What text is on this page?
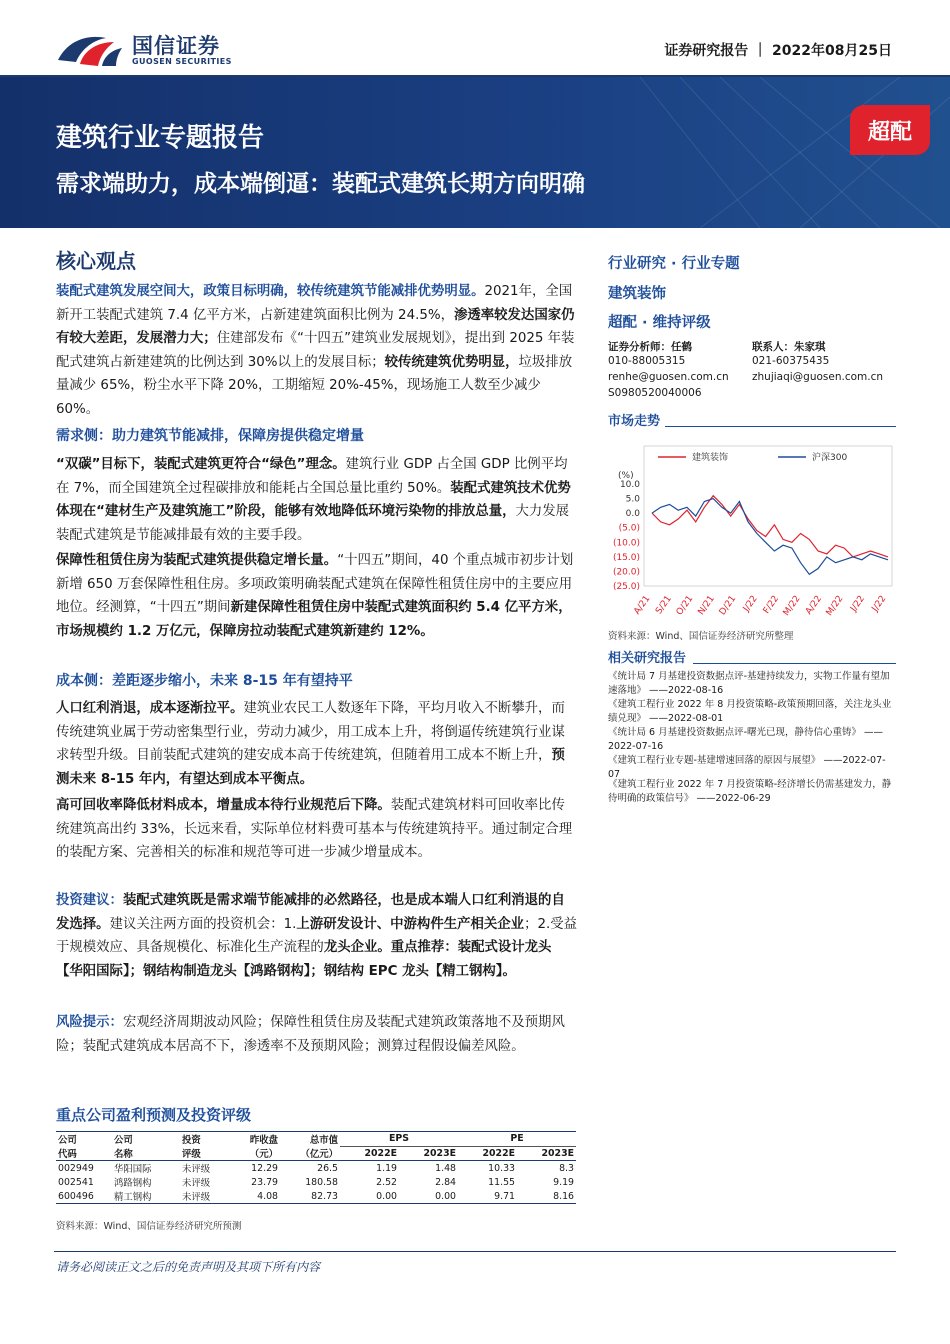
国信证券
GUOSEN SECURITIES
证券研究报告 ｜ 2022年08月25日
建筑行业专题报告
需求端助力，成本端倒逼：装配式建筑长期方向明确
超配
核心观点
装配式建筑发展空间大，政策目标明确，较传统建筑节能减排优势明显。2021年，全国新开工装配式建筑 7.4 亿平方米，占新建建筑面积比例为 24.5%，渗透率较发达国家仍有较大差距，发展潜力大；住建部发布《“十四五”建筑业发展规划》，提出到 2025 年装配式建筑占新建建筑的比例达到 30%以上的发展目标；较传统建筑优势明显，垃圾排放量减少 65%，粉尘水平下降 20%，工期缩短 20%-45%，现场施工人数至少减少 60%。
需求侧：助力建筑节能减排，保障房提供稳定增量
“双碳”目标下，装配式建筑更符合“绿色”理念。建筑行业 GDP 占全国 GDP 比例平均在 7%，而全国建筑全过程碳排放和能耗占全国总量比重约 50%。装配式建筑技术优势体现在“建材生产及建筑施工”阶段，能够有效地降低环境污染物的排放总量，大力发展装配式建筑是节能减排最有效的主要手段。
保障性租赁住房为装配式建筑提供稳定增长量。“十四五”期间，40 个重点城市初步计划新增 650 万套保障性租住房。多项政策明确装配式建筑在保障性租赁住房中的主要应用地位。经测算，“十四五”期间新建保障性租赁住房中装配式建筑面积约 5.4 亿平方米，市场规模约 1.2 万亿元，保障房拉动装配式建筑新建约 12%。
成本侧：差距逐步缩小，未来 8-15 年有望持平
人口红利消退，成本逐渐拉平。建筑业农民工人数逐年下降，平均月收入不断攀升，而传统建筑业属于劳动密集型行业，劳动力减少，用工成本上升，将倒逼传统建筑行业谋求转型升级。目前装配式建筑的建安成本高于传统建筑，但随着用工成本不断上升，预测未来 8-15 年内，有望达到成本平衡点。
高可回收率降低材料成本，增量成本待行业规范后下降。装配式建筑材料可回收率比传统建筑高出约 33%，长远来看，实际单位材料费可基本与传统建筑持平。通过制定合理的装配方案、完善相关的标准和规范等可进一步减少增量成本。
投资建议：装配式建筑既是需求端节能减排的必然路径，也是成本端人口红利消退的自发选择。建议关注两方面的投资机会：1.上游研发设计、中游构件生产相关企业；2.受益于规模效应、具备规模化、标准化生产流程的龙头企业。重点推荐：装配式设计龙头【华阳国际】；钢结构制造龙头【鸿路钢构】；钢结构 EPC 龙头【精工钢构】。
风险提示：宏观经济周期波动风险；保障性租赁住房及装配式建筑政策落地不及预期风险；装配式建筑成本居高不下，渗透率不及预期风险；测算过程假设偏差风险。
行业研究 · 行业专题
建筑装饰
超配 · 维持评级
证券分析师：任鹤
010-88005315
renhe@guosen.com.cn
S0980520040006
联系人：朱家琪
021-60375435
zhujiaqi@guosen.com.cn
市场走势
(%)
10.0
5.0
0.0
(5.0)
(10.0)
(15.0)
(20.0)
(25.0)
A/21 S/21 O/21 N/21 D/21 J/22 F/22 M/22 A/22 M/22 J/22 J/22
建筑装饰	沪深300
资料来源：Wind、国信证券经济研究所整理
相关研究报告
《统计局 7 月基建投资数据点评-基建持续发力，实物工作量有望加速落地》 ——2022-08-16
《建筑工程行业 2022 年 8 月投资策略-政策预期回落，关注龙头业绩兑现》 ——2022-08-01
《统计局 6 月基建投资数据点评-曙光已现，静待信心重铸》 ——2022-07-16
《建筑工程行业专题-基建增速回落的原因与展望》 ——2022-07-07
《建筑工程行业 2022 年 7 月投资策略-经济增长仍需基建发力，静待明确的政策信号》 ——2022-06-29
重点公司盈利预测及投资评级
公司	公司	投资	昨收盘	总市值	EPS		PE	
代码	名称	评级	（元）	（亿元）	2022E	2023E	2022E	2023E
002949	华阳国际	未评级	12.29	26.5	1.19	1.48	10.33	8.3
002541	鸿路钢构	未评级	23.79	180.58	2.52	2.84	11.55	9.19
600496	精工钢构	未评级	4.08	82.73	0.00	0.00	9.71	8.16
资料来源：Wind、国信证券经济研究所预测
请务必阅读正文之后的免责声明及其项下所有内容
